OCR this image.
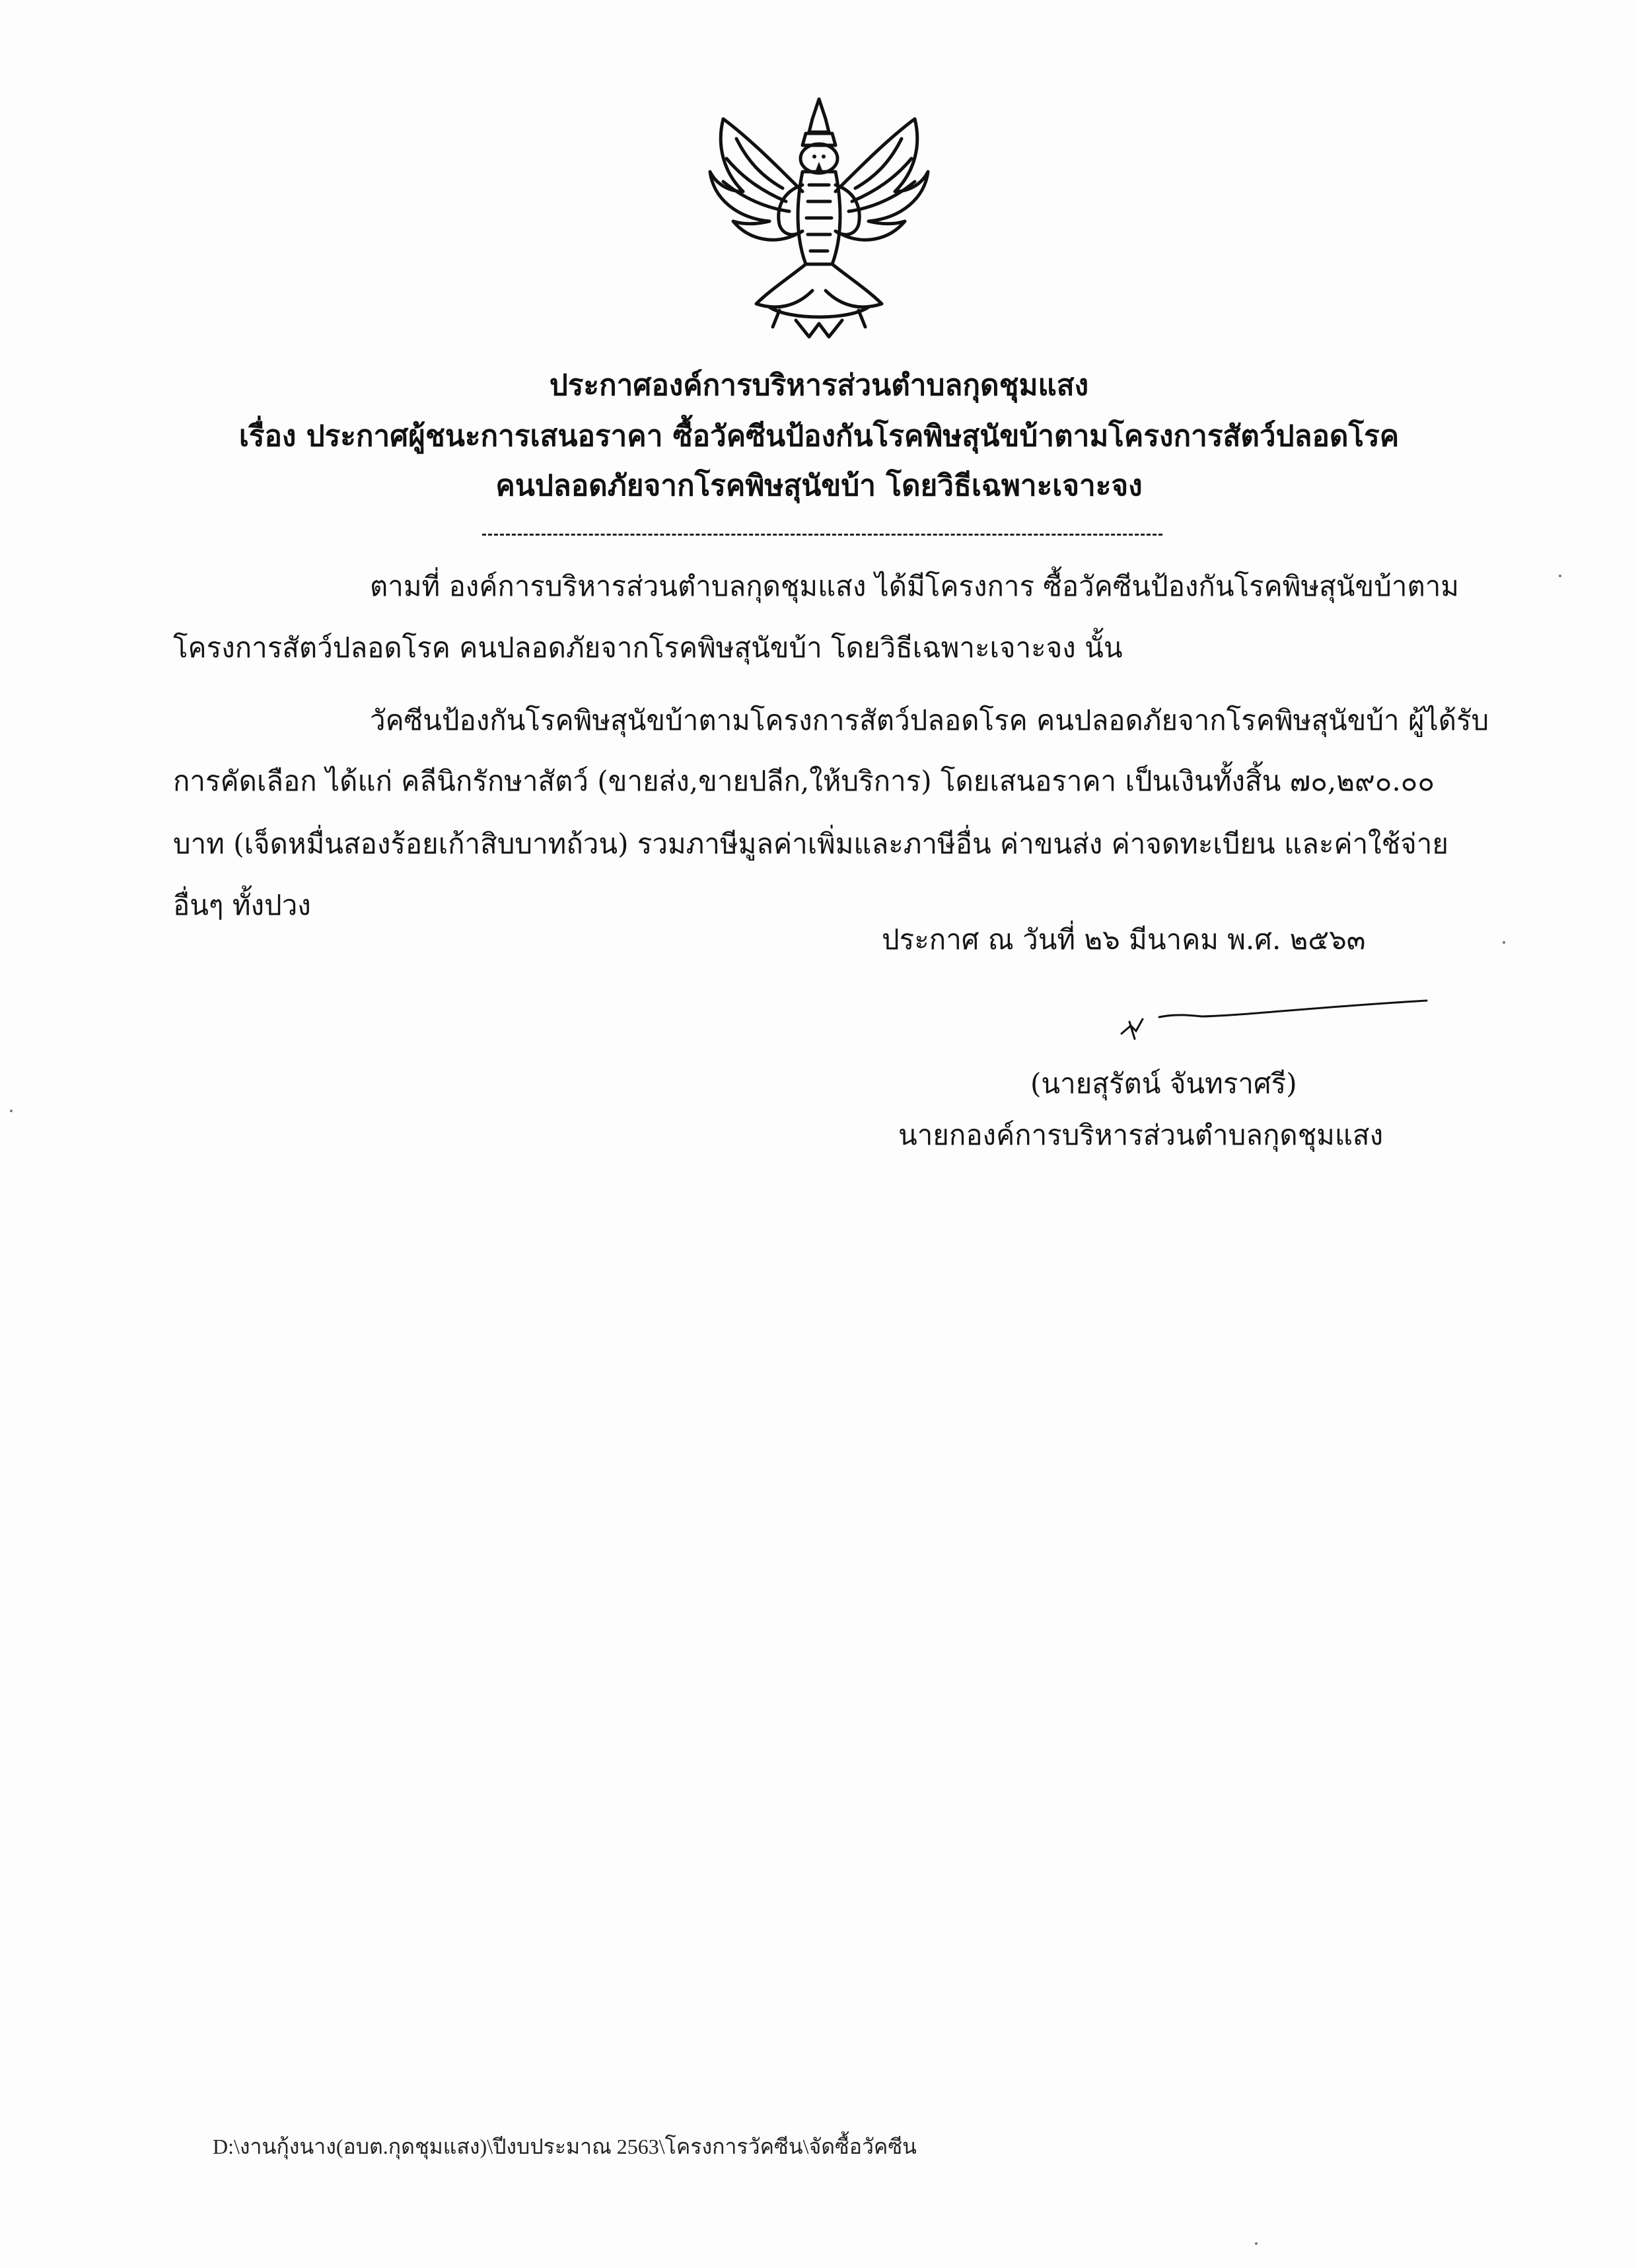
ประกาศองค์การบริหารส่วนตำบลกุดชุมแสง
เรื่อง ประกาศผู้ชนะการเสนอราคา ซื้อวัคซีนป้องกันโรคพิษสุนัขบ้าตามโครงการสัตว์ปลอดโรค
คนปลอดภัยจากโรคพิษสุนัขบ้า โดยวิธีเฉพาะเจาะจง
ตามที่ องค์การบริหารส่วนตำบลกุดชุมแสง ได้มีโครงการ ซื้อวัคซีนป้องกันโรคพิษสุนัขบ้าตาม
โครงการสัตว์ปลอดโรค คนปลอดภัยจากโรคพิษสุนัขบ้า โดยวิธีเฉพาะเจาะจง นั้น
วัคซีนป้องกันโรคพิษสุนัขบ้าตามโครงการสัตว์ปลอดโรค คนปลอดภัยจากโรคพิษสุนัขบ้า ผู้ได้รับ
การคัดเลือก ได้แก่ คลีนิกรักษาสัตว์ (ขายส่ง,ขายปลีก,ให้บริการ) โดยเสนอราคา เป็นเงินทั้งสิ้น ๗๐,๒๙๐.๐๐
บาท (เจ็ดหมื่นสองร้อยเก้าสิบบาทถ้วน) รวมภาษีมูลค่าเพิ่มและภาษีอื่น ค่าขนส่ง ค่าจดทะเบียน และค่าใช้จ่าย
อื่นๆ ทั้งปวง
ประกาศ ณ วันที่ ๒๖ มีนาคม พ.ศ. ๒๕๖๓
(นายสุรัตน์ จันทราศรี)
นายกองค์การบริหารส่วนตำบลกุดชุมแสง
D:\งานกุ้งนาง(อบต.กุดชุมแสง)\ปีงบประมาณ 2563\โครงการวัคซีน\จัดซื้อวัคซีน
